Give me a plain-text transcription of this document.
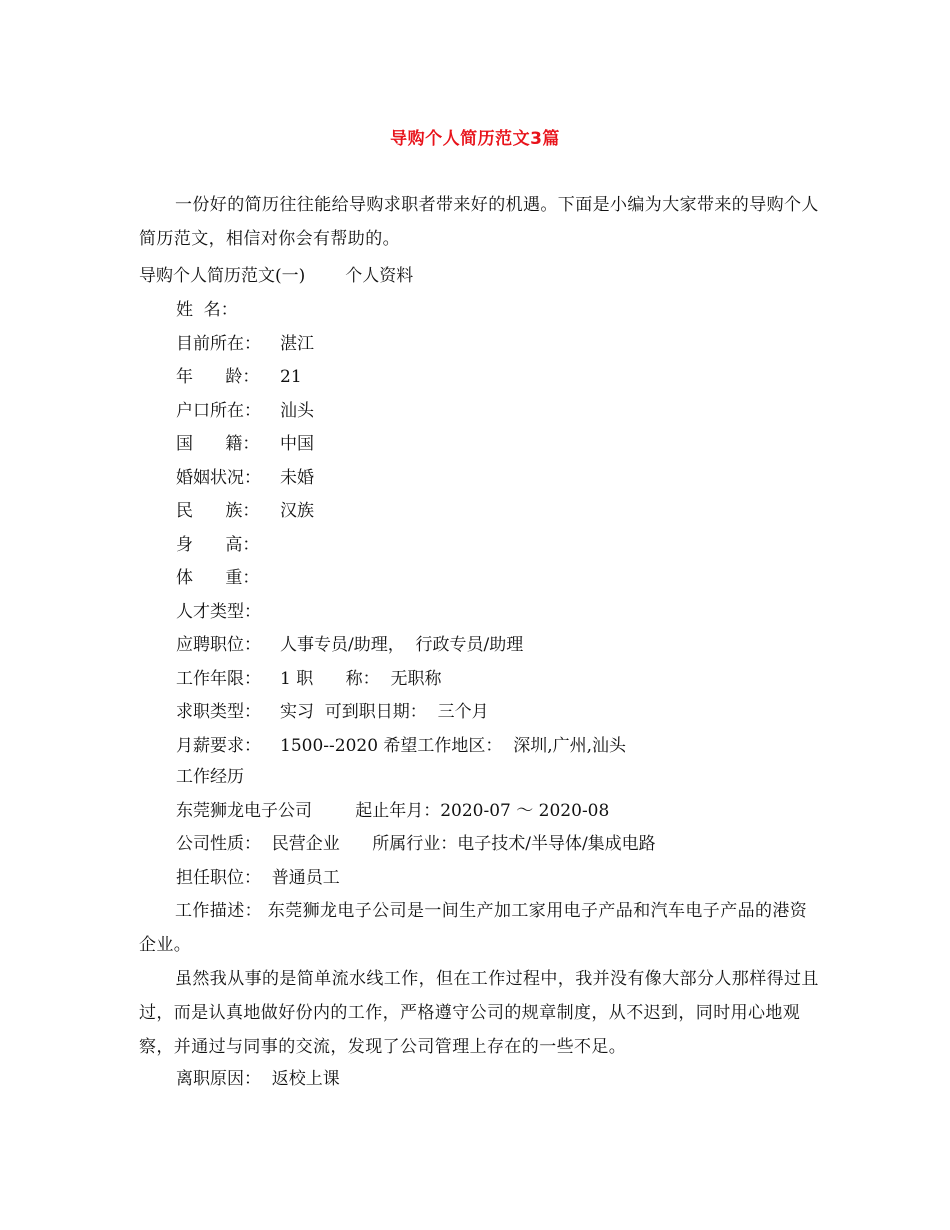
导购个人简历范文3篇
一份好的简历往往能给导购求职者带来好的机遇。下面是小编为大家带来的导购个人简历范文，相信对你会有帮助的。
导购个人简历范文(一) 个人资料
姓  名：
目前所在： 湛江
年      龄： 21
户口所在： 汕头
国      籍： 中国
婚姻状况： 未婚
民      族： 汉族
身      高：
体      重：
人才类型：
应聘职位： 人事专员/助理，  行政专员/助理
工作年限： 1 职      称：  无职称
求职类型： 实习  可到职日期：  三个月
月薪要求： 1500--2020 希望工作地区：  深圳,广州,汕头
工作经历
东莞狮龙电子公司        起止年月：2020-07 ～ 2020-08
公司性质：  民营企业      所属行业：电子技术/半导体/集成电路
担任职位：  普通员工
工作描述： 东莞狮龙电子公司是一间生产加工家用电子产品和汽车电子产品的港资企业。
虽然我从事的是简单流水线工作，但在工作过程中，我并没有像大部分人那样得过且过，而是认真地做好份内的工作，严格遵守公司的规章制度，从不迟到，同时用心地观察，并通过与同事的交流，发现了公司管理上存在的一些不足。
离职原因：  返校上课
